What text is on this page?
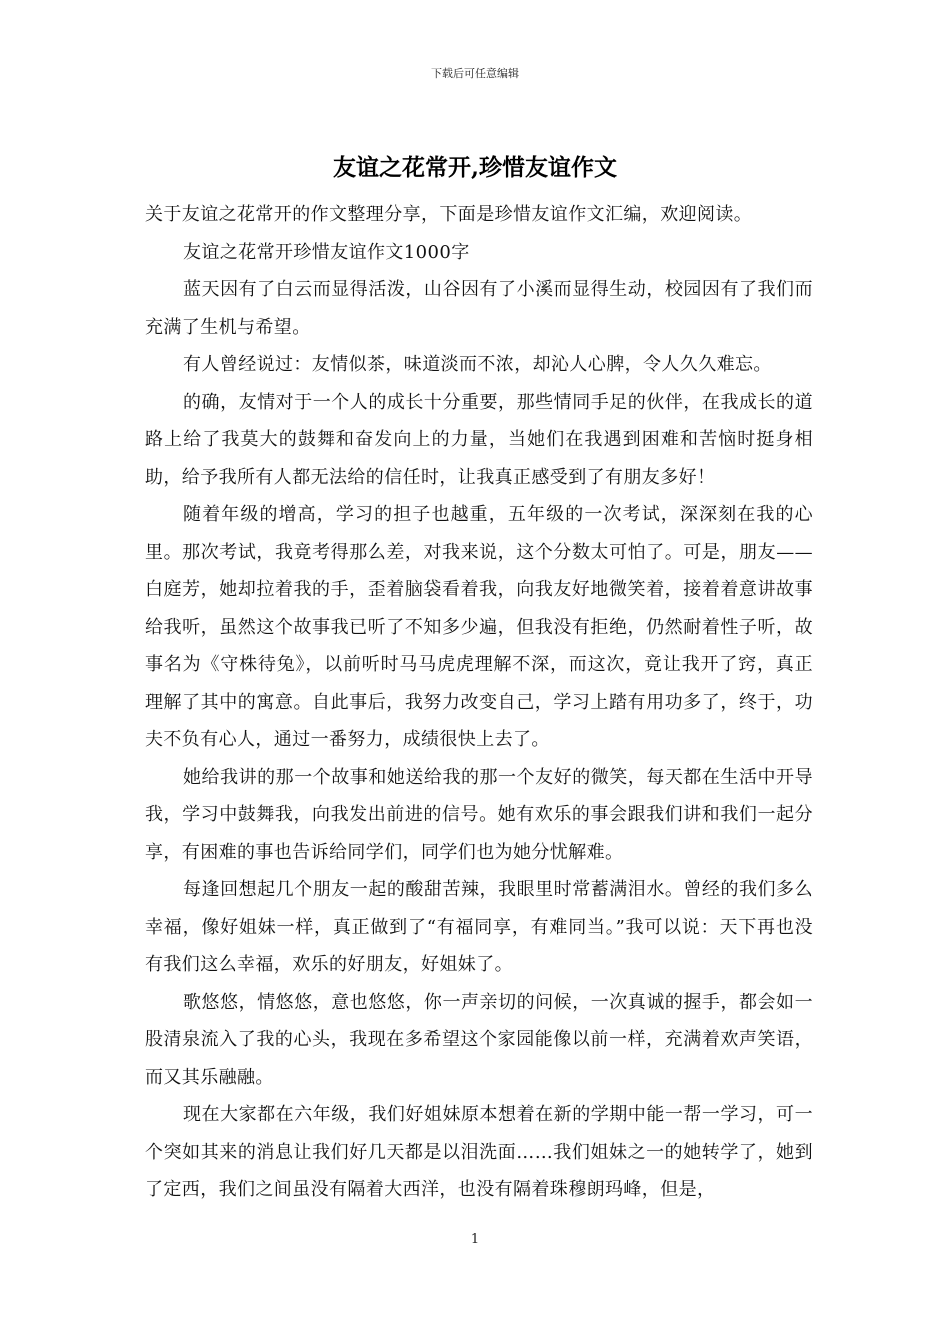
下载后可任意编辑
友谊之花常开,珍惜友谊作文

关于友谊之花常开的作文整理分享，下面是珍惜友谊作文汇编，欢迎阅读。

友谊之花常开珍惜友谊作文1000字

蓝天因有了白云而显得活泼，山谷因有了小溪而显得生动，校园因有了我们而充满了生机与希望。

有人曾经说过：友情似茶，味道淡而不浓，却沁人心脾，令人久久难忘。

的确，友情对于一个人的成长十分重要，那些情同手足的伙伴，在我成长的道路上给了我莫大的鼓舞和奋发向上的力量，当她们在我遇到困难和苦恼时挺身相助，给予我所有人都无法给的信任时，让我真正感受到了有朋友多好！

随着年级的增高，学习的担子也越重，五年级的一次考试，深深刻在我的心里。那次考试，我竟考得那么差，对我来说，这个分数太可怕了。可是，朋友——白庭芳，她却拉着我的手，歪着脑袋看着我，向我友好地微笑着，接着着意讲故事给我听，虽然这个故事我已听了不知多少遍，但我没有拒绝，仍然耐着性子听，故事名为《守株待兔》，以前听时马马虎虎理解不深，而这次，竟让我开了窍，真正理解了其中的寓意。自此事后，我努力改变自己，学习上踏有用功多了，终于，功夫不负有心人，通过一番努力，成绩很快上去了。

她给我讲的那一个故事和她送给我的那一个友好的微笑，每天都在生活中开导我，学习中鼓舞我，向我发出前进的信号。她有欢乐的事会跟我们讲和我们一起分享，有困难的事也告诉给同学们，同学们也为她分忧解难。

每逢回想起几个朋友一起的酸甜苦辣，我眼里时常蓄满泪水。曾经的我们多么幸福，像好姐妹一样，真正做到了“有福同享，有难同当。”我可以说：天下再也没有我们这么幸福，欢乐的好朋友，好姐妹了。

歌悠悠，情悠悠，意也悠悠，你一声亲切的问候，一次真诚的握手，都会如一股清泉流入了我的心头，我现在多希望这个家园能像以前一样，充满着欢声笑语，而又其乐融融。

现在大家都在六年级，我们好姐妹原本想着在新的学期中能一帮一学习，可一个突如其来的消息让我们好几天都是以泪洗面……我们姐妹之一的她转学了，她到了定西，我们之间虽没有隔着大西洋，也没有隔着珠穆朗玛峰，但是，

1
